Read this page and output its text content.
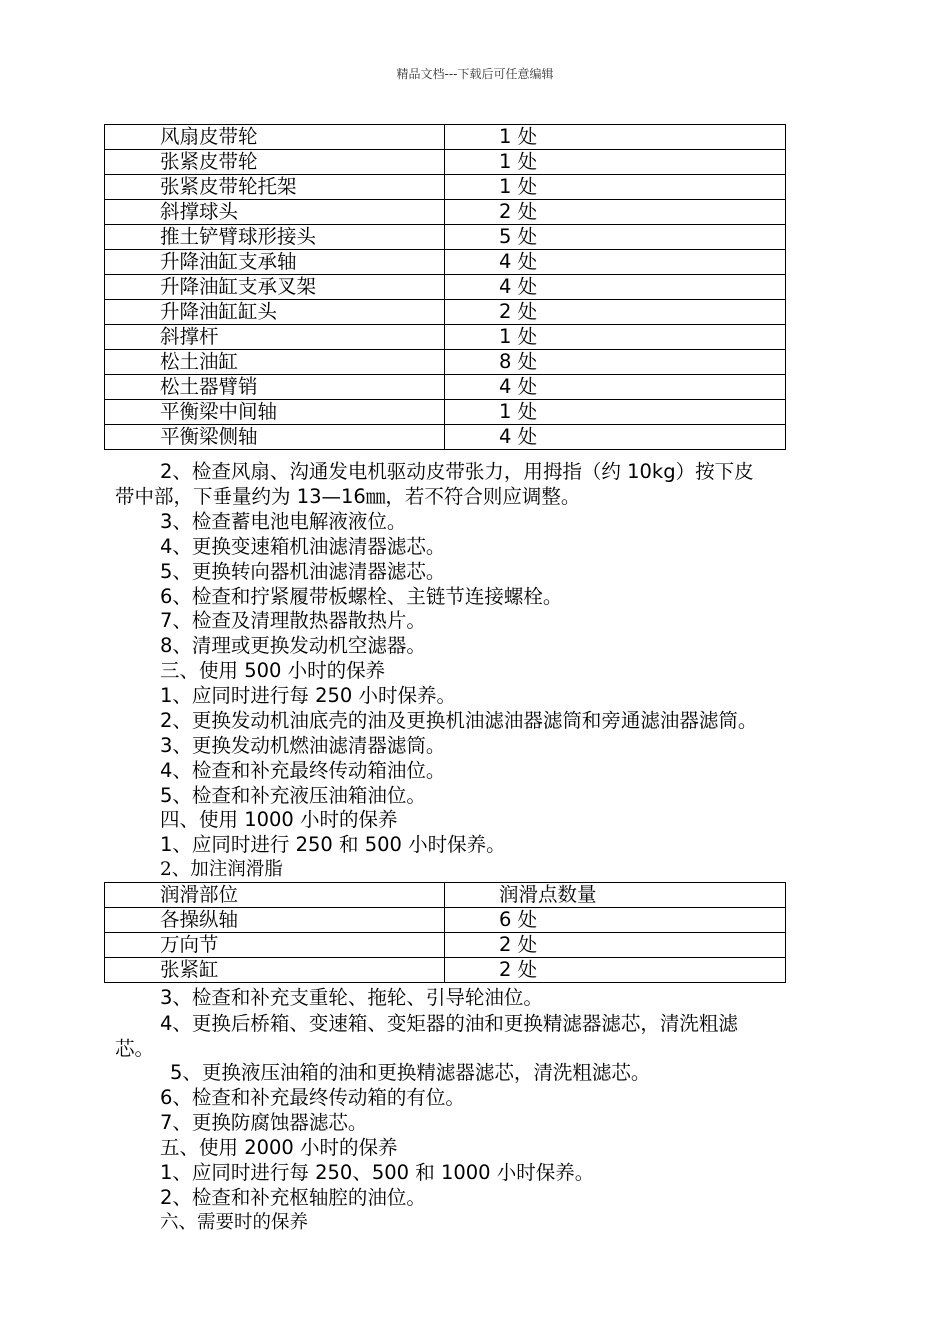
精品文档---下载后可任意编辑
风扇皮带轮	1 处
张紧皮带轮	1 处
张紧皮带轮托架	1 处
斜撑球头	2 处
推土铲臂球形接头	5 处
升降油缸支承轴	4 处
升降油缸支承叉架	4 处
升降油缸缸头	2 处
斜撑杆	1 处
松土油缸	8 处
松土器臂销	4 处
平衡梁中间轴	1 处
平衡梁侧轴	4 处
2、检查风扇、沟通发电机驱动皮带张力，用拇指（约 10kg）按下皮
带中部，下垂量约为 13—16㎜，若不符合则应调整。
3、检查蓄电池电解液液位。
4、更换变速箱机油滤清器滤芯。
5、更换转向器机油滤清器滤芯。
6、检查和拧紧履带板螺栓、主链节连接螺栓。
7、检查及清理散热器散热片。
8、清理或更换发动机空滤器。
三、使用 500 小时的保养
1、应同时进行每 250 小时保养。
2、更换发动机油底壳的油及更换机油滤油器滤筒和旁通滤油器滤筒。
3、更换发动机燃油滤清器滤筒。
4、检查和补充最终传动箱油位。
5、检查和补充液压油箱油位。
四、使用 1000 小时的保养
1、应同时进行 250 和 500 小时保养。
2、加注润滑脂
润滑部位	润滑点数量
各操纵轴	6 处
万向节	2 处
张紧缸	2 处
3、检查和补充支重轮、拖轮、引导轮油位。
4、更换后桥箱、变速箱、变矩器的油和更换精滤器滤芯，清洗粗滤
芯。
5、更换液压油箱的油和更换精滤器滤芯，清洗粗滤芯。
6、检查和补充最终传动箱的有位。
7、更换防腐蚀器滤芯。
五、使用 2000 小时的保养
1、应同时进行每 250、500 和 1000 小时保养。
2、检查和补充枢轴腔的油位。
六、需要时的保养
